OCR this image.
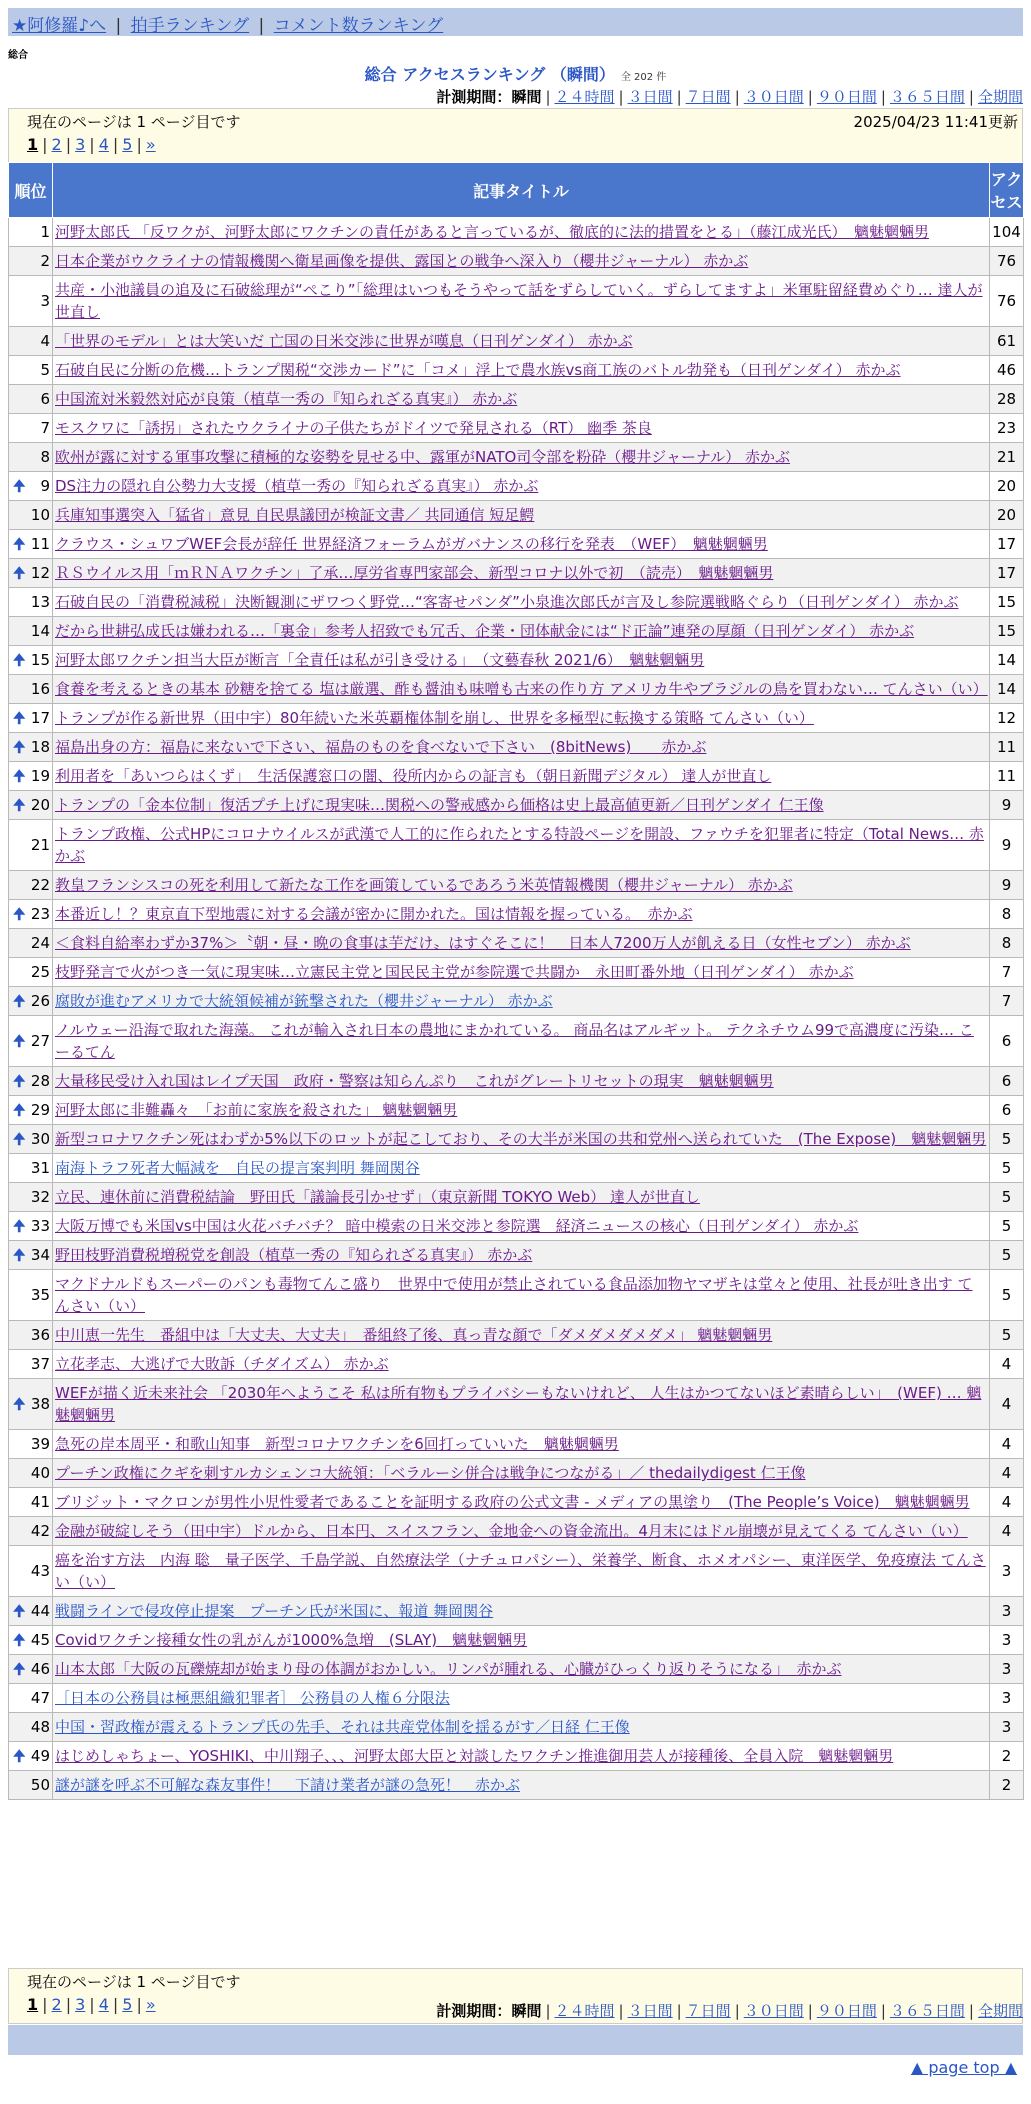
★阿修羅♪へ | 拍手ランキング | コメント数ランキング
総合
総合 アクセスランキング （瞬間） 全 202 件
計測期間：瞬間 | ２４時間 | ３日間 | ７日間 | ３０日間 | ９０日間 | ３６５日間 | 全期間
現在のページは 1 ページ目です	2025/04/23 11:41更新
1 | 2 | 3 | 4 | 5 | »
順位	記事タイトル	アク
セス
1	河野太郎氏 「反ワクが、河野太郎にワクチンの責任があると言っているが、徹底的に法的措置をとる」（藤江成光氏）　魑魅魍魎男	104
2	日本企業がウクライナの情報機関へ衛星画像を提供、露国との戦争へ深入り（櫻井ジャーナル） 赤かぶ	76
3	共産・小池議員の追及に石破総理が“ぺこり”「総理はいつもそうやって話をずらしていく。ずらしてますよ」米軍駐留経費めぐり… 達人が世直し	76
4	「世界のモデル」とは大笑いだ 亡国の日米交渉に世界が嘆息（日刊ゲンダイ） 赤かぶ	61
5	石破自民に分断の危機…トランプ関税“交渉カード”に「コメ」浮上で農水族vs商工族のバトル勃発も（日刊ゲンダイ） 赤かぶ	46
6	中国流対米毅然対応が良策（植草一秀の『知られざる真実』） 赤かぶ	28
7	モスクワに「誘拐」されたウクライナの子供たちがドイツで発見される（RT） 幽季 茶良	23
8	欧州が露に対する軍事攻撃に積極的な姿勢を見せる中、露軍がNATO司令部を粉砕（櫻井ジャーナル） 赤かぶ	21

🠉 9	DS注力の隠れ自公勢力大支援（植草一秀の『知られざる真実』） 赤かぶ	20
10	兵庫知事選突入「猛省」意見 自民県議団が検証文書／ 共同通信 短足鰐	20

🠉 11	クラウス・シュワブWEF会長が辞任 世界経済フォーラムがガバナンスの移行を発表　（WEF）　魑魅魍魎男	17

🠉 12	ＲＳウイルス用「ｍＲＮＡワクチン」了承…厚労省専門家部会、新型コロナ以外で初　（読売）　魑魅魍魎男	17
13	石破自民の「消費税減税」決断観測にザワつく野党…“客寄せパンダ”小泉進次郎氏が言及し参院選戦略ぐらり（日刊ゲンダイ） 赤かぶ	15
14	だから世耕弘成氏は嫌われる…「裏金」参考人招致でも冗舌、企業・団体献金には“ド正論”連発の厚顔（日刊ゲンダイ） 赤かぶ	15

🠉 15	河野太郎ワクチン担当大臣が断言「全責任は私が引き受ける」　（文藝春秋 2021/6）　魑魅魍魎男	14
16	食養を考えるときの基本 砂糖を捨てる 塩は厳選、酢も醤油も味噌も古来の作り方 アメリカ牛やブラジルの鳥を買わない… てんさい（い）	14

🠉 17	トランプが作る新世界（田中宇）80年続いた米英覇権体制を崩し、世界を多極型に転換する策略 てんさい（い）	12

🠉 18	福島出身の方：福島に来ないで下さい、福島のものを食べないで下さい　(8bitNews)　　赤かぶ	11

🠉 19	利用者を「あいつらはくず」　生活保護窓口の闇、役所内からの証言も（朝日新聞デジタル） 達人が世直し	11

🠉 20	トランプの「金本位制」復活プチ上げに現実味…関税への警戒感から価格は史上最高値更新／日刊ゲンダイ 仁王像	9
21	トランプ政権、公式HPにコロナウイルスが武漢で人工的に作られたとする特設ページを開設、ファウチを犯罪者に特定（Total News… 赤かぶ	9
22	教皇フランシスコの死を利用して新たな工作を画策しているであろう米英情報機関（櫻井ジャーナル） 赤かぶ	9

🠉 23	本番近し！？東京直下型地震に対する会議が密かに開かれた。国は情報を握っている。　赤かぶ	8
24	＜食料自給率わずか37%＞〝朝・昼・晩の食事は芋だけ〟はすぐそこに！　日本人7200万人が飢える日（女性セブン） 赤かぶ	8
25	枝野発言で火がつき一気に現実味…立憲民主党と国民民主党が参院選で共闘か　永田町番外地（日刊ゲンダイ） 赤かぶ	7

🠉 26	腐敗が進むアメリカで大統領候補が銃撃された（櫻井ジャーナル） 赤かぶ	7

🠉 27	ノルウェー沿海で取れた海藻。 これが輸入され日本の農地にまかれている。 商品名はアルギット。 テクネチウム99で高濃度に汚染… こーるてん	6

🠉 28	大量移民受け入れ国はレイプ天国　政府・警察は知らんぷり　これがグレートリセットの現実　魑魅魍魎男	6

🠉 29	河野太郎に非難轟々　「お前に家族を殺された」 魑魅魍魎男	6

🠉 30	新型コロナワクチン死はわずか5%以下のロットが起こしており、その大半が米国の共和党州へ送られていた　(The Expose)　魑魅魍魎男	5
31	南海トラフ死者大幅減を　自民の提言案判明 舞岡関谷	5
32	立民、連休前に消費税結論　野田氏「議論長引かせず」（東京新聞 TOKYO Web） 達人が世直し	5

🠉 33	大阪万博でも米国vs中国は火花バチバチ？ 暗中模索の日米交渉と参院選　経済ニュースの核心（日刊ゲンダイ） 赤かぶ	5

🠉 34	野田枝野消費税増税党を創設（植草一秀の『知られざる真実』） 赤かぶ	5
35	マクドナルドもスーパーのパンも毒物てんこ盛り　世界中で使用が禁止されている食品添加物ヤマザキは堂々と使用、社長が吐き出す てんさい（い）	5
36	中川恵一先生　番組中は「大丈夫、大丈夫」　番組終了後、真っ青な顔で「ダメダメダメダメ」 魑魅魍魎男	5
37	立花孝志、大逃げで大敗訴（チダイズム） 赤かぶ	4

🠉 38	WEFが描く近未来社会 「2030年へようこそ 私は所有物もプライバシーもないけれど、 人生はかつてないほど素晴らしい」　(WEF) … 魑魅魍魎男	4
39	急死の岸本周平・和歌山知事　新型コロナワクチンを6回打っていいた　魑魅魍魎男	4
40	プーチン政権にクギを刺すルカシェンコ大統領：「ベラルーシ併合は戦争につながる」／ thedailydigest 仁王像	4
41	ブリジット・マクロンが男性小児性愛者であることを証明する政府の公式文書 - メディアの黒塗り　(The People’s Voice)　魑魅魍魎男	4
42	金融が破綻しそう（田中宇）ドルから、日本円、スイスフラン、金地金への資金流出。4月末にはドル崩壊が見えてくる てんさい（い）	4
43	癌を治す方法　内海 聡　量子医学、千島学説、自然療法学（ナチュロパシー）、栄養学、断食、ホメオパシー、東洋医学、免疫療法 てんさい（い）	3

🠉 44	戦闘ラインで侵攻停止提案　プーチン氏が米国に、報道 舞岡関谷	3

🠉 45	Covidワクチン接種女性の乳がんが1000%急増　(SLAY)　魑魅魍魎男	3

🠉 46	山本太郎「大阪の瓦礫焼却が始まり母の体調がおかしい。リンパが腫れる、心臓がひっくり返りそうになる」　赤かぶ	3
47	［日本の公務員は極悪組織犯罪者］ 公務員の人権６分限法	3
48	中国・習政権が震えるトランプ氏の先手、それは共産党体制を揺るがす／日経 仁王像	3

🠉 49	はじめしゃちょー、YOSHIKI、中川翔子、、、河野太郎大臣と対談したワクチン推進御用芸人が接種後、全員入院　魑魅魍魎男	2
50	謎が謎を呼ぶ不可解な森友事件！　下請け業者が謎の急死！　赤かぶ	2
現在のページは 1 ページ目です
1 | 2 | 3 | 4 | 5 | »	計測期間：瞬間 | ２４時間 | ３日間 | ７日間 | ３０日間 | ９０日間 | ３６５日間 | 全期間
▲ page top ▲
